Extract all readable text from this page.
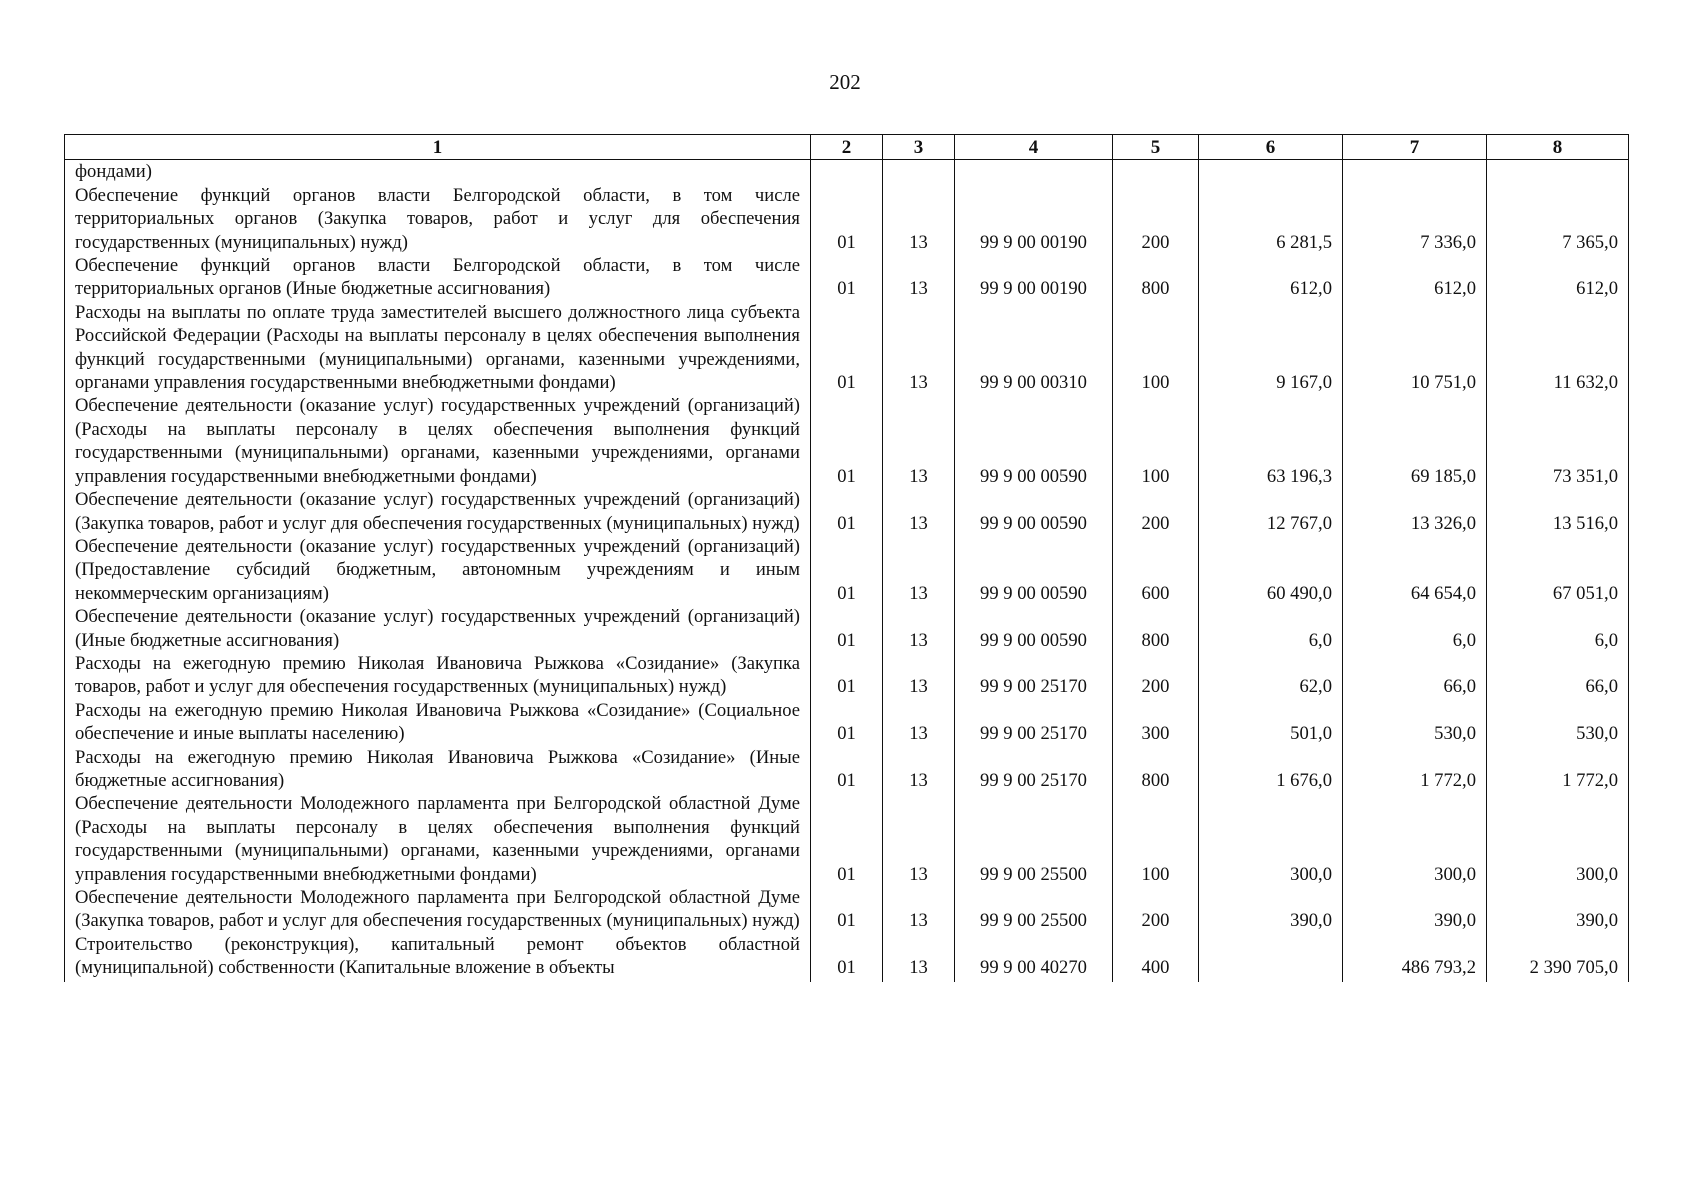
202
1	2	3	4	5	6	7	8
фондами)							
Обеспечение функций органов власти Белгородской области, в том числе территориальных органов (Закупка товаров, работ и услуг для обеспечения государственных (муниципальных) нужд)	01	13	99 9 00 00190	200	6 281,5	7 336,0	7 365,0
Обеспечение функций органов власти Белгородской области, в том числе территориальных органов (Иные бюджетные ассигнования)	01	13	99 9 00 00190	800	612,0	612,0	612,0
Расходы на выплаты по оплате труда заместителей высшего должностного лица субъекта Российской Федерации (Расходы на выплаты персоналу в целях обеспечения выполнения функций государственными (муниципальными) органами, казенными учреждениями, органами управления государственными внебюджетными фондами)	01	13	99 9 00 00310	100	9 167,0	10 751,0	11 632,0
Обеспечение деятельности (оказание услуг) государственных учреждений (организаций) (Расходы на выплаты персоналу в целях обеспечения выполнения функций государственными (муниципальными) органами, казенными учреждениями, органами управления государственными внебюджетными фондами)	01	13	99 9 00 00590	100	63 196,3	69 185,0	73 351,0
Обеспечение деятельности (оказание услуг) государственных учреждений (организаций) (Закупка товаров, работ и услуг для обеспечения государственных (муниципальных) нужд)	01	13	99 9 00 00590	200	12 767,0	13 326,0	13 516,0
Обеспечение деятельности (оказание услуг) государственных учреждений (организаций) (Предоставление субсидий бюджетным, автономным учреждениям и иным некоммерческим организациям)	01	13	99 9 00 00590	600	60 490,0	64 654,0	67 051,0
Обеспечение деятельности (оказание услуг) государственных учреждений (организаций) (Иные бюджетные ассигнования)	01	13	99 9 00 00590	800	6,0	6,0	6,0
Расходы на ежегодную премию Николая Ивановича Рыжкова «Созидание» (Закупка товаров, работ и услуг для обеспечения государственных (муниципальных) нужд)	01	13	99 9 00 25170	200	62,0	66,0	66,0
Расходы на ежегодную премию Николая Ивановича Рыжкова «Созидание» (Социальное обеспечение и иные выплаты населению)	01	13	99 9 00 25170	300	501,0	530,0	530,0
Расходы на ежегодную премию Николая Ивановича Рыжкова «Созидание» (Иные бюджетные ассигнования)	01	13	99 9 00 25170	800	1 676,0	1 772,0	1 772,0
Обеспечение деятельности Молодежного парламента при Белгородской областной Думе (Расходы на выплаты персоналу в целях обеспечения выполнения функций государственными (муниципальными) органами, казенными учреждениями, органами управления государственными внебюджетными фондами)	01	13	99 9 00 25500	100	300,0	300,0	300,0
Обеспечение деятельности Молодежного парламента при Белгородской областной Думе (Закупка товаров, работ и услуг для обеспечения государственных (муниципальных) нужд)	01	13	99 9 00 25500	200	390,0	390,0	390,0
Строительство (реконструкция), капитальный ремонт объектов областной (муниципальной) собственности (Капитальные вложение в объекты	01	13	99 9 00 40270	400		486 793,2	2 390 705,0
